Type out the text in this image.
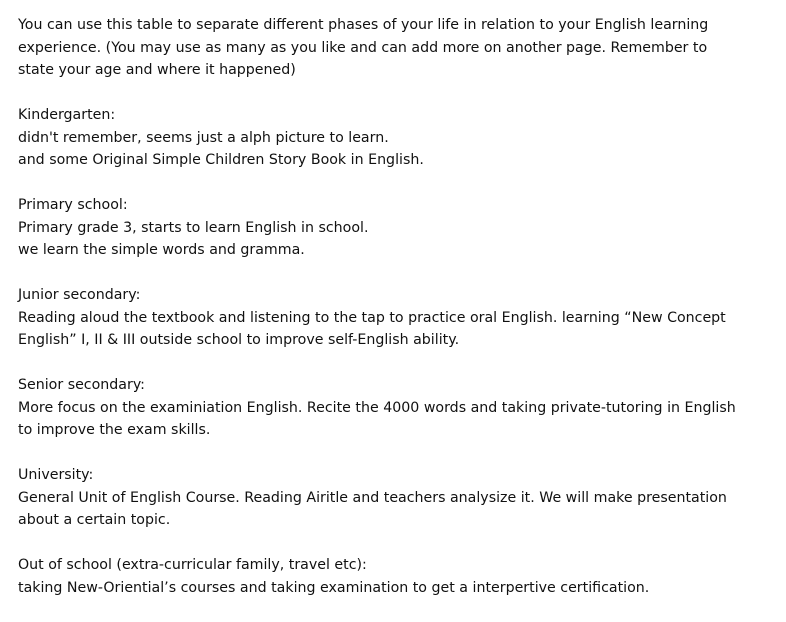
You can use this table to separate different phases of your life in relation to your English learning
experience. (You may use as many as you like and can add more on another page. Remember to
state your age and where it happened)
Kindergarten:
didn't remember, seems just a alph picture to learn.
and some Original Simple Children Story Book in English.
Primary school:
Primary grade 3, starts to learn English in school.
we learn the simple words and gramma.
Junior secondary:
Reading aloud the textbook and listening to the tap to practice oral English. learning “New Concept
English” I, II & III outside school to improve self-English ability.
Senior secondary:
More focus on the examiniation English. Recite the 4000 words and taking private-tutoring in English
to improve the exam skills.
University:
General Unit of English Course. Reading Airitle and teachers analysize it. We will make presentation
about a certain topic.
Out of school (extra-curricular family, travel etc):
taking New-Oriential’s courses and taking examination to get a interpertive certification.
